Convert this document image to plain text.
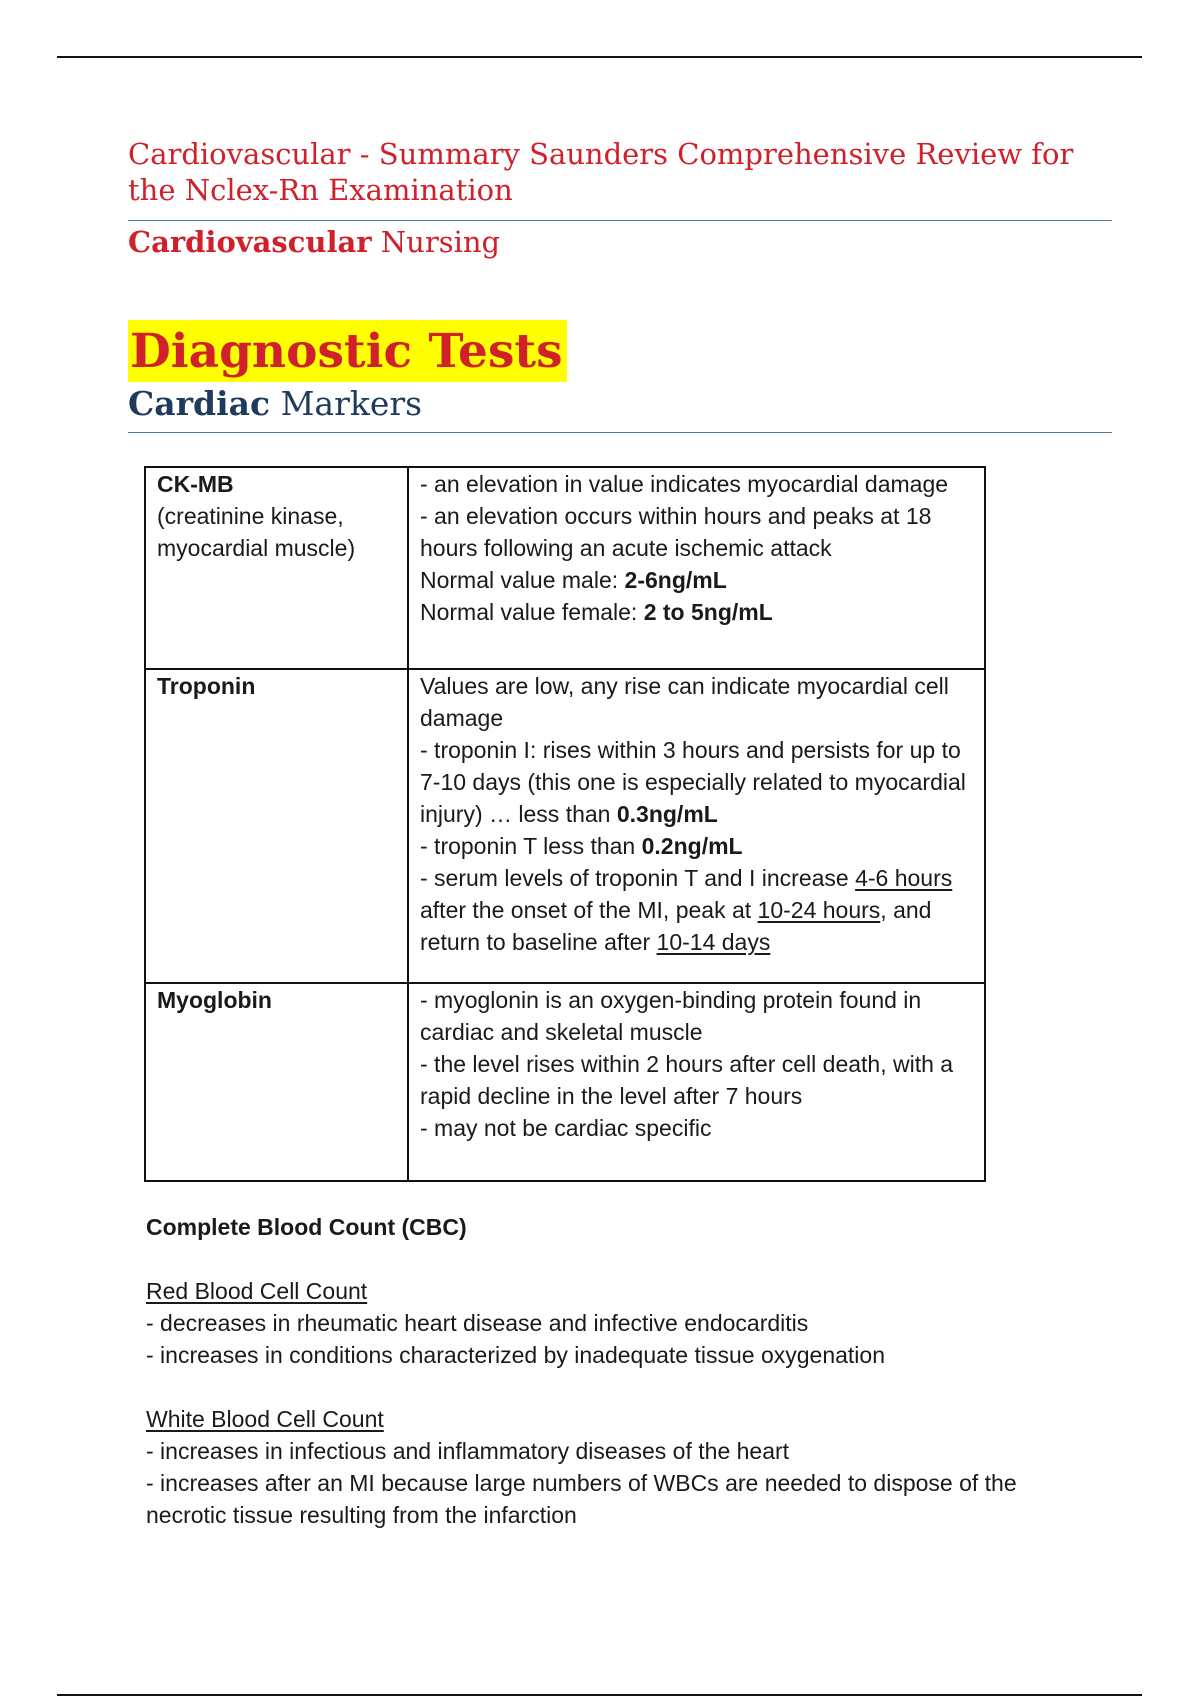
Cardiovascular - Summary Saunders Comprehensive Review for the Nclex-Rn Examination
Cardiovascular Nursing
Diagnostic Tests
Cardiac Markers
CK-MB
(creatinine kinase, myocardial muscle)	- an elevation in value indicates myocardial damage
- an elevation occurs within hours and peaks at 18 hours following an acute ischemic attack
Normal value male: 2-6ng/mL
Normal value female: 2 to 5ng/mL

Troponin	Values are low, any rise can indicate myocardial cell damage
- troponin I: rises within 3 hours and persists for up to 7-10 days (this one is especially related to myocardial injury) … less than 0.3ng/mL
- troponin T less than 0.2ng/mL
- serum levels of troponin T and I increase 4-6 hours after the onset of the MI, peak at 10-24 hours, and return to baseline after 10-14 days

Myoglobin	- myoglonin is an oxygen-binding protein found in cardiac and skeletal muscle
- the level rises within 2 hours after cell death, with a rapid decline in the level after 7 hours
- may not be cardiac specific
Complete Blood Count (CBC)
Red Blood Cell Count
- decreases in rheumatic heart disease and infective endocarditis
- increases in conditions characterized by inadequate tissue oxygenation
White Blood Cell Count
- increases in infectious and inflammatory diseases of the heart
- increases after an MI because large numbers of WBCs are needed to dispose of the necrotic tissue resulting from the infarction
